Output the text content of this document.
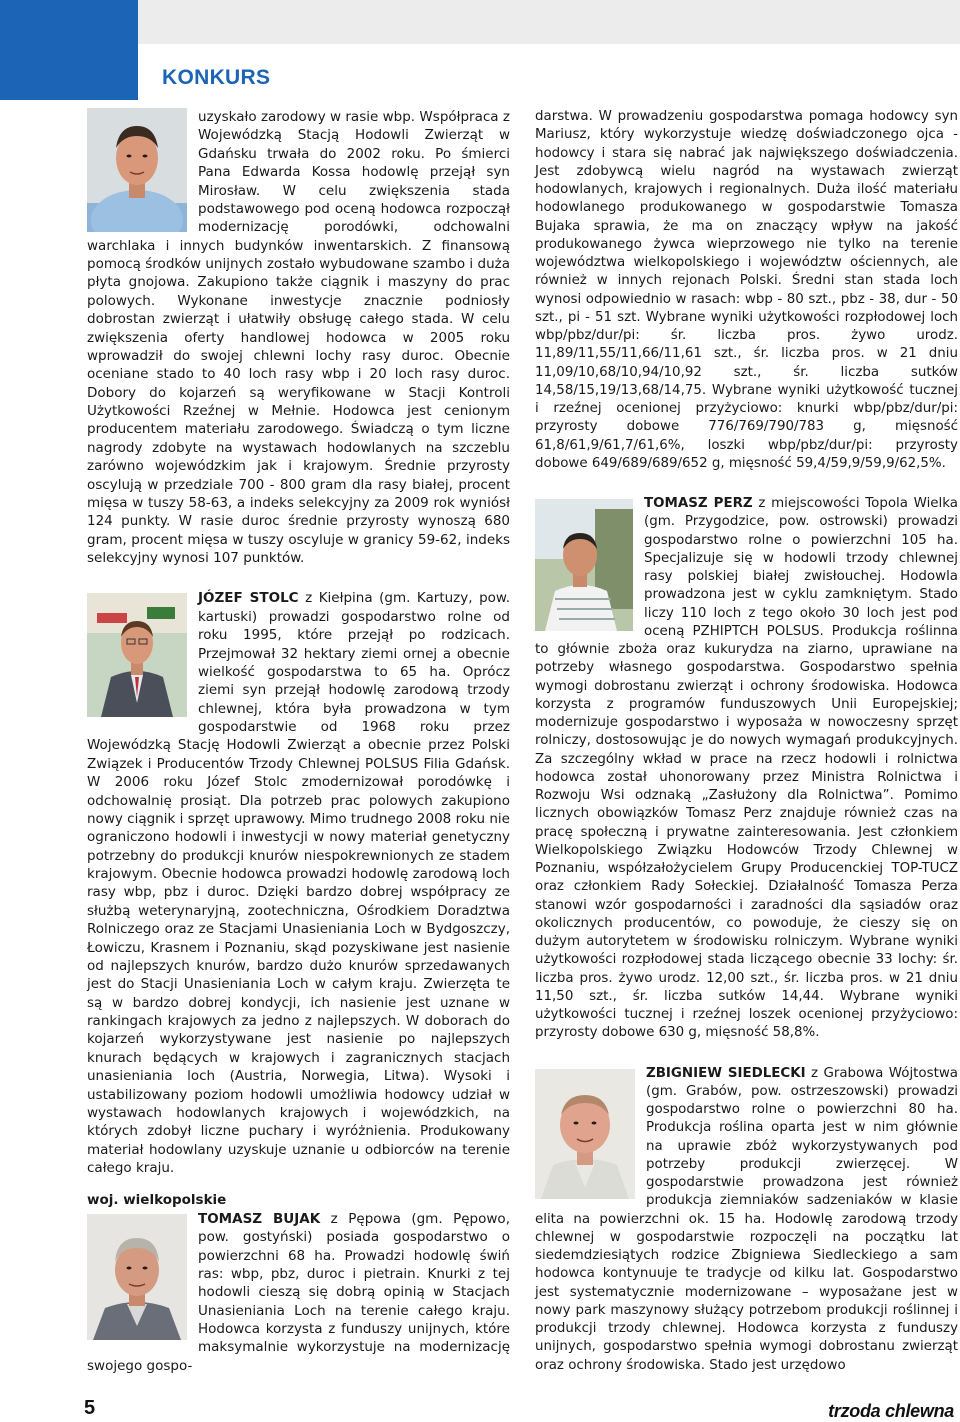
KONKURS

uzyskało zarodowy w rasie wbp. Współpraca z Wojewódzką Stacją Hodowli Zwierząt w Gdańsku trwała do 2002 roku. Po śmierci Pana Edwarda Kossa hodowlę przejął syn Mirosław. W celu zwiększenia stada podstawowego pod oceną hodowca rozpoczął modernizację porodówki, odchowalni warchlaka i innych budynków inwentarskich. Z finansową pomocą środków unijnych zostało wybudowane szambo i duża płyta gnojowa. Zakupiono także ciągnik i maszyny do prac polowych. Wykonane inwestycje znacznie podniosły dobrostan zwierząt i ułatwiły obsługę całego stada. W celu zwiększenia oferty handlowej hodowca w 2005 roku wprowadził do swojej chlewni lochy rasy duroc. Obecnie oceniane stado to 40 loch rasy wbp i 20 loch rasy duroc. Dobory do kojarzeń są weryfikowane w Stacji Kontroli Użytkowości Rzeźnej w Mełnie. Hodowca jest cenionym producentem materiału zarodowego. Świadczą o tym liczne nagrody zdobyte na wystawach hodowlanych na szczeblu zarówno wojewódzkim jak i krajowym. Średnie przyrosty oscylują w przedziale 700 - 800 gram dla rasy białej, procent mięsa w tuszy 58-63, a indeks selekcyjny za 2009 rok wyniósł 124 punkty. W rasie duroc średnie przyrosty wynoszą 680 gram, procent mięsa w tuszy oscyluje w granicy 59-62, indeks selekcyjny wynosi 107 punktów.

JÓZEF STOLC z Kiełpina (gm. Kartuzy, pow. kartuski) prowadzi gospodarstwo rolne od roku 1995, które przejął po rodzicach. Przejmował 32 hektary ziemi ornej a obecnie wielkość gospodarstwa to 65 ha. Oprócz ziemi syn przejął hodowlę zarodową trzody chlewnej, która była prowadzona w tym gospodarstwie od 1968 roku przez Wojewódzką Stację Hodowli Zwierząt a obecnie przez Polski Związek i Producentów Trzody Chlewnej POLSUS Filia Gdańsk. W 2006 roku Józef Stolc zmodernizował porodówkę i odchowalnię prosiąt. Dla potrzeb prac polowych zakupiono nowy ciągnik i sprzęt uprawowy. Mimo trudnego 2008 roku nie ograniczono hodowli i inwestycji w nowy materiał genetyczny potrzebny do produkcji knurów niespokrewnionych ze stadem krajowym. Obecnie hodowca prowadzi hodowlę zarodową loch rasy wbp, pbz i duroc. Dzięki bardzo dobrej współpracy ze służbą weterynaryjną, zootechniczna, Ośrodkiem Doradztwa Rolniczego oraz ze Stacjami Unasieniania Loch w Bydgoszczy, Łowiczu, Krasnem i Poznaniu, skąd pozyskiwane jest nasienie od najlepszych knurów, bardzo dużo knurów sprzedawanych jest do Stacji Unasieniania Loch w całym kraju. Zwierzęta te są w bardzo dobrej kondycji, ich nasienie jest uznane w rankingach krajowych za jedno z najlepszych. W doborach do kojarzeń wykorzystywane jest nasienie po najlepszych knurach będących w krajowych i zagranicznych stacjach unasieniania loch (Austria, Norwegia, Litwa). Wysoki i ustabilizowany poziom hodowli umożliwia hodowcy udział w wystawach hodowlanych krajowych i wojewódzkich, na których zdobył liczne puchary i wyróżnienia. Produkowany materiał hodowlany uzyskuje uznanie u odbiorców na terenie całego kraju.

woj. wielkopolskie

TOMASZ BUJAK z Pępowa (gm. Pępowo, pow. gostyński) posiada gospodarstwo o powierzchni 68 ha. Prowadzi hodowlę świń ras: wbp, pbz, duroc i pietrain. Knurki z tej hodowli cieszą się dobrą opinią w Stacjach Unasieniania Loch na terenie całego kraju. Hodowca korzysta z funduszy unijnych, które maksymalnie wykorzystuje na modernizację swojego gospo-

darstwa. W prowadzeniu gospodarstwa pomaga hodowcy syn Mariusz, który wykorzystuje wiedzę doświadczonego ojca - hodowcy i stara się nabrać jak największego doświadczenia. Jest zdobywcą wielu nagród na wystawach zwierząt hodowlanych, krajowych i regionalnych. Duża ilość materiału hodowlanego produkowanego w gospodarstwie Tomasza Bujaka sprawia, że ma on znaczący wpływ na jakość produkowanego żywca wieprzowego nie tylko na terenie województwa wielkopolskiego i województw ościennych, ale również w innych rejonach Polski. Średni stan stada loch wynosi odpowiednio w rasach: wbp - 80 szt., pbz - 38, dur - 50 szt., pi - 51 szt. Wybrane wyniki użytkowości rozpłodowej loch wbp/pbz/dur/pi: śr. liczba pros. żywo urodz. 11,89/11,55/11,66/11,61 szt., śr. liczba pros. w 21 dniu 11,09/10,68/10,94/10,92 szt., śr. liczba sutków 14,58/15,19/13,68/14,75. Wybrane wyniki użytkowość tucznej i rzeźnej ocenionej przyżyciowo: knurki wbp/pbz/dur/pi: przyrosty dobowe 776/769/790/783 g, mięsność 61,8/61,9/61,7/61,6%, loszki wbp/pbz/dur/pi: przyrosty dobowe 649/689/689/652 g, mięsność 59,4/59,9/59,9/62,5%.

TOMASZ PERZ z miejscowości Topola Wielka (gm. Przygodzice, pow. ostrowski) prowadzi gospodarstwo rolne o powierzchni 105 ha. Specjalizuje się w hodowli trzody chlewnej rasy polskiej białej zwisłouchej. Hodowla prowadzona jest w cyklu zamkniętym. Stado liczy 110 loch z tego około 30 loch jest pod oceną PZHIPTCH POLSUS. Produkcja roślinna to głównie zboża oraz kukurydza na ziarno, uprawiane na potrzeby własnego gospodarstwa. Gospodarstwo spełnia wymogi dobrostanu zwierząt i ochrony środowiska. Hodowca korzysta z programów funduszowych Unii Europejskiej; modernizuje gospodarstwo i wyposaża w nowoczesny sprzęt rolniczy, dostosowując je do nowych wymagań produkcyjnych. Za szczególny wkład w prace na rzecz hodowli i rolnictwa hodowca został uhonorowany przez Ministra Rolnictwa i Rozwoju Wsi odznaką „Zasłużony dla Rolnictwa”. Pomimo licznych obowiązków Tomasz Perz znajduje również czas na pracę społeczną i prywatne zainteresowania. Jest członkiem Wielkopolskiego Związku Hodowców Trzody Chlewnej w Poznaniu, współzałożycielem Grupy Producenckiej TOP-TUCZ oraz członkiem Rady Sołeckiej. Działalność Tomasza Perza stanowi wzór gospodarności i zaradności dla sąsiadów oraz okolicznych producentów, co powoduje, że cieszy się on dużym autorytetem w środowisku rolniczym. Wybrane wyniki użytkowości rozpłodowej stada liczącego obecnie 33 lochy: śr. liczba pros. żywo urodz. 12,00 szt., śr. liczba pros. w 21 dniu 11,50 szt., śr. liczba sutków 14,44. Wybrane wyniki użytkowości tucznej i rzeźnej loszek ocenionej przyżyciowo: przyrosty dobowe 630 g, mięsność 58,8%.

ZBIGNIEW SIEDLECKI z Grabowa Wójtostwa (gm. Grabów, pow. ostrzeszowski) prowadzi gospodarstwo rolne o powierzchni 80 ha. Produkcja roślina oparta jest w nim głównie na uprawie zbóż wykorzystywanych pod potrzeby produkcji zwierzęcej. W gospodarstwie prowadzona jest również produkcja ziemniaków sadzeniaków w klasie elita na powierzchni ok. 15 ha. Hodowlę zarodową trzody chlewnej w gospodarstwie rozpoczęli na początku lat siedemdziesiątych rodzice Zbigniewa Siedleckiego a sam hodowca kontynuuje te tradycje od kilku lat. Gospodarstwo jest systematycznie modernizowane – wyposażane jest w nowy park maszynowy służący potrzebom produkcji roślinnej i produkcji trzody chlewnej. Hodowca korzysta z funduszy unijnych, gospodarstwo spełnia wymogi dobrostanu zwierząt oraz ochrony środowiska. Stado jest urzędowo

5	trzoda chlewna
